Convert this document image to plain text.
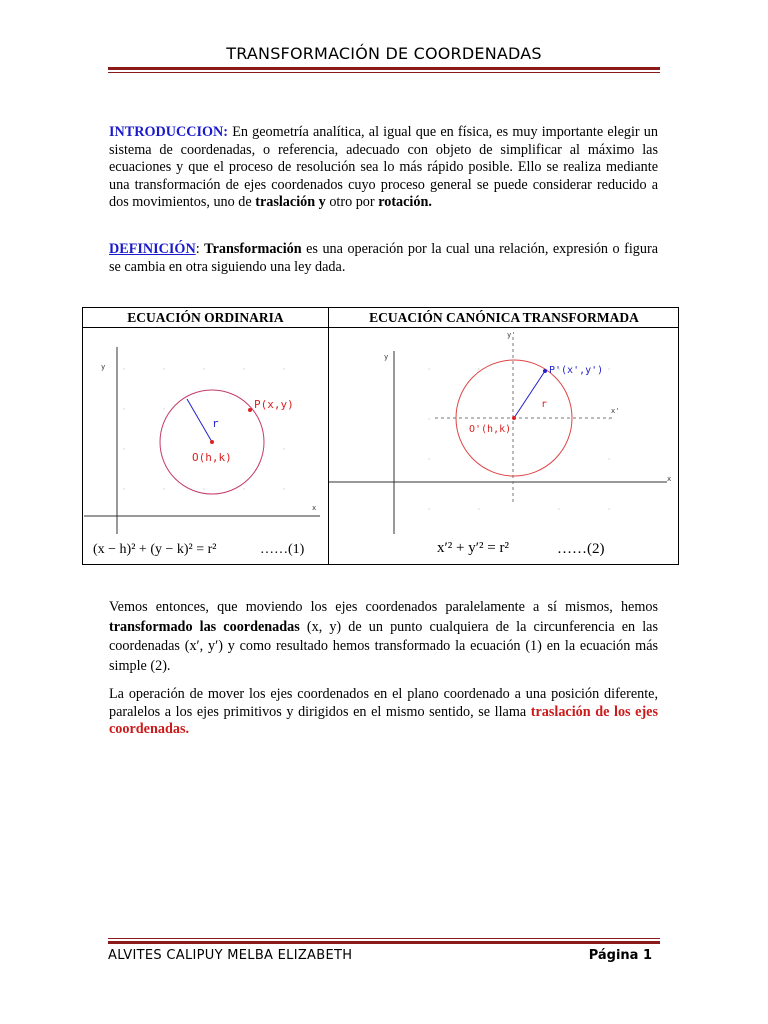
TRANSFORMACIÓN DE COORDENADAS

INTRODUCCION: En geometría analítica, al igual que en física, es muy importante elegir un sistema de coordenadas, o referencia, adecuado con objeto de simplificar al máximo las ecuaciones y que el proceso de resolución sea lo más rápido posible. Ello se realiza mediante una transformación de ejes coordenados cuyo proceso general se puede considerar reducido a dos movimientos, uno de traslación y otro por rotación.

DEFINICIÓN: Transformación es una operación por la cual una relación, expresión o figura se cambia en otra siguiendo una ley dada.

ECUACIÓN ORDINARIA	ECUACIÓN CANÓNICA TRANSFORMADA
y
x
P(x,y)
r
O(h,k)
y
x
y'
x'
P'(x',y')
r
O'(h,k)
(x − h)² + (y − k)² = r²	……(1)	x′² + y′² = r²	……(2)

Vemos entonces, que moviendo los ejes coordenados paralelamente a sí mismos, hemos transformado las coordenadas (x, y) de un punto cualquiera de la circunferencia en las coordenadas (x′, y′) y como resultado hemos transformado la ecuación (1) en la ecuación más simple (2).

La operación de mover los ejes coordenados en el plano coordenado a una posición diferente, paralelos a los ejes primitivos y dirigidos en el mismo sentido, se llama traslación de los ejes coordenadas.

ALVITES CALIPUY MELBA ELIZABETH	Página 1
